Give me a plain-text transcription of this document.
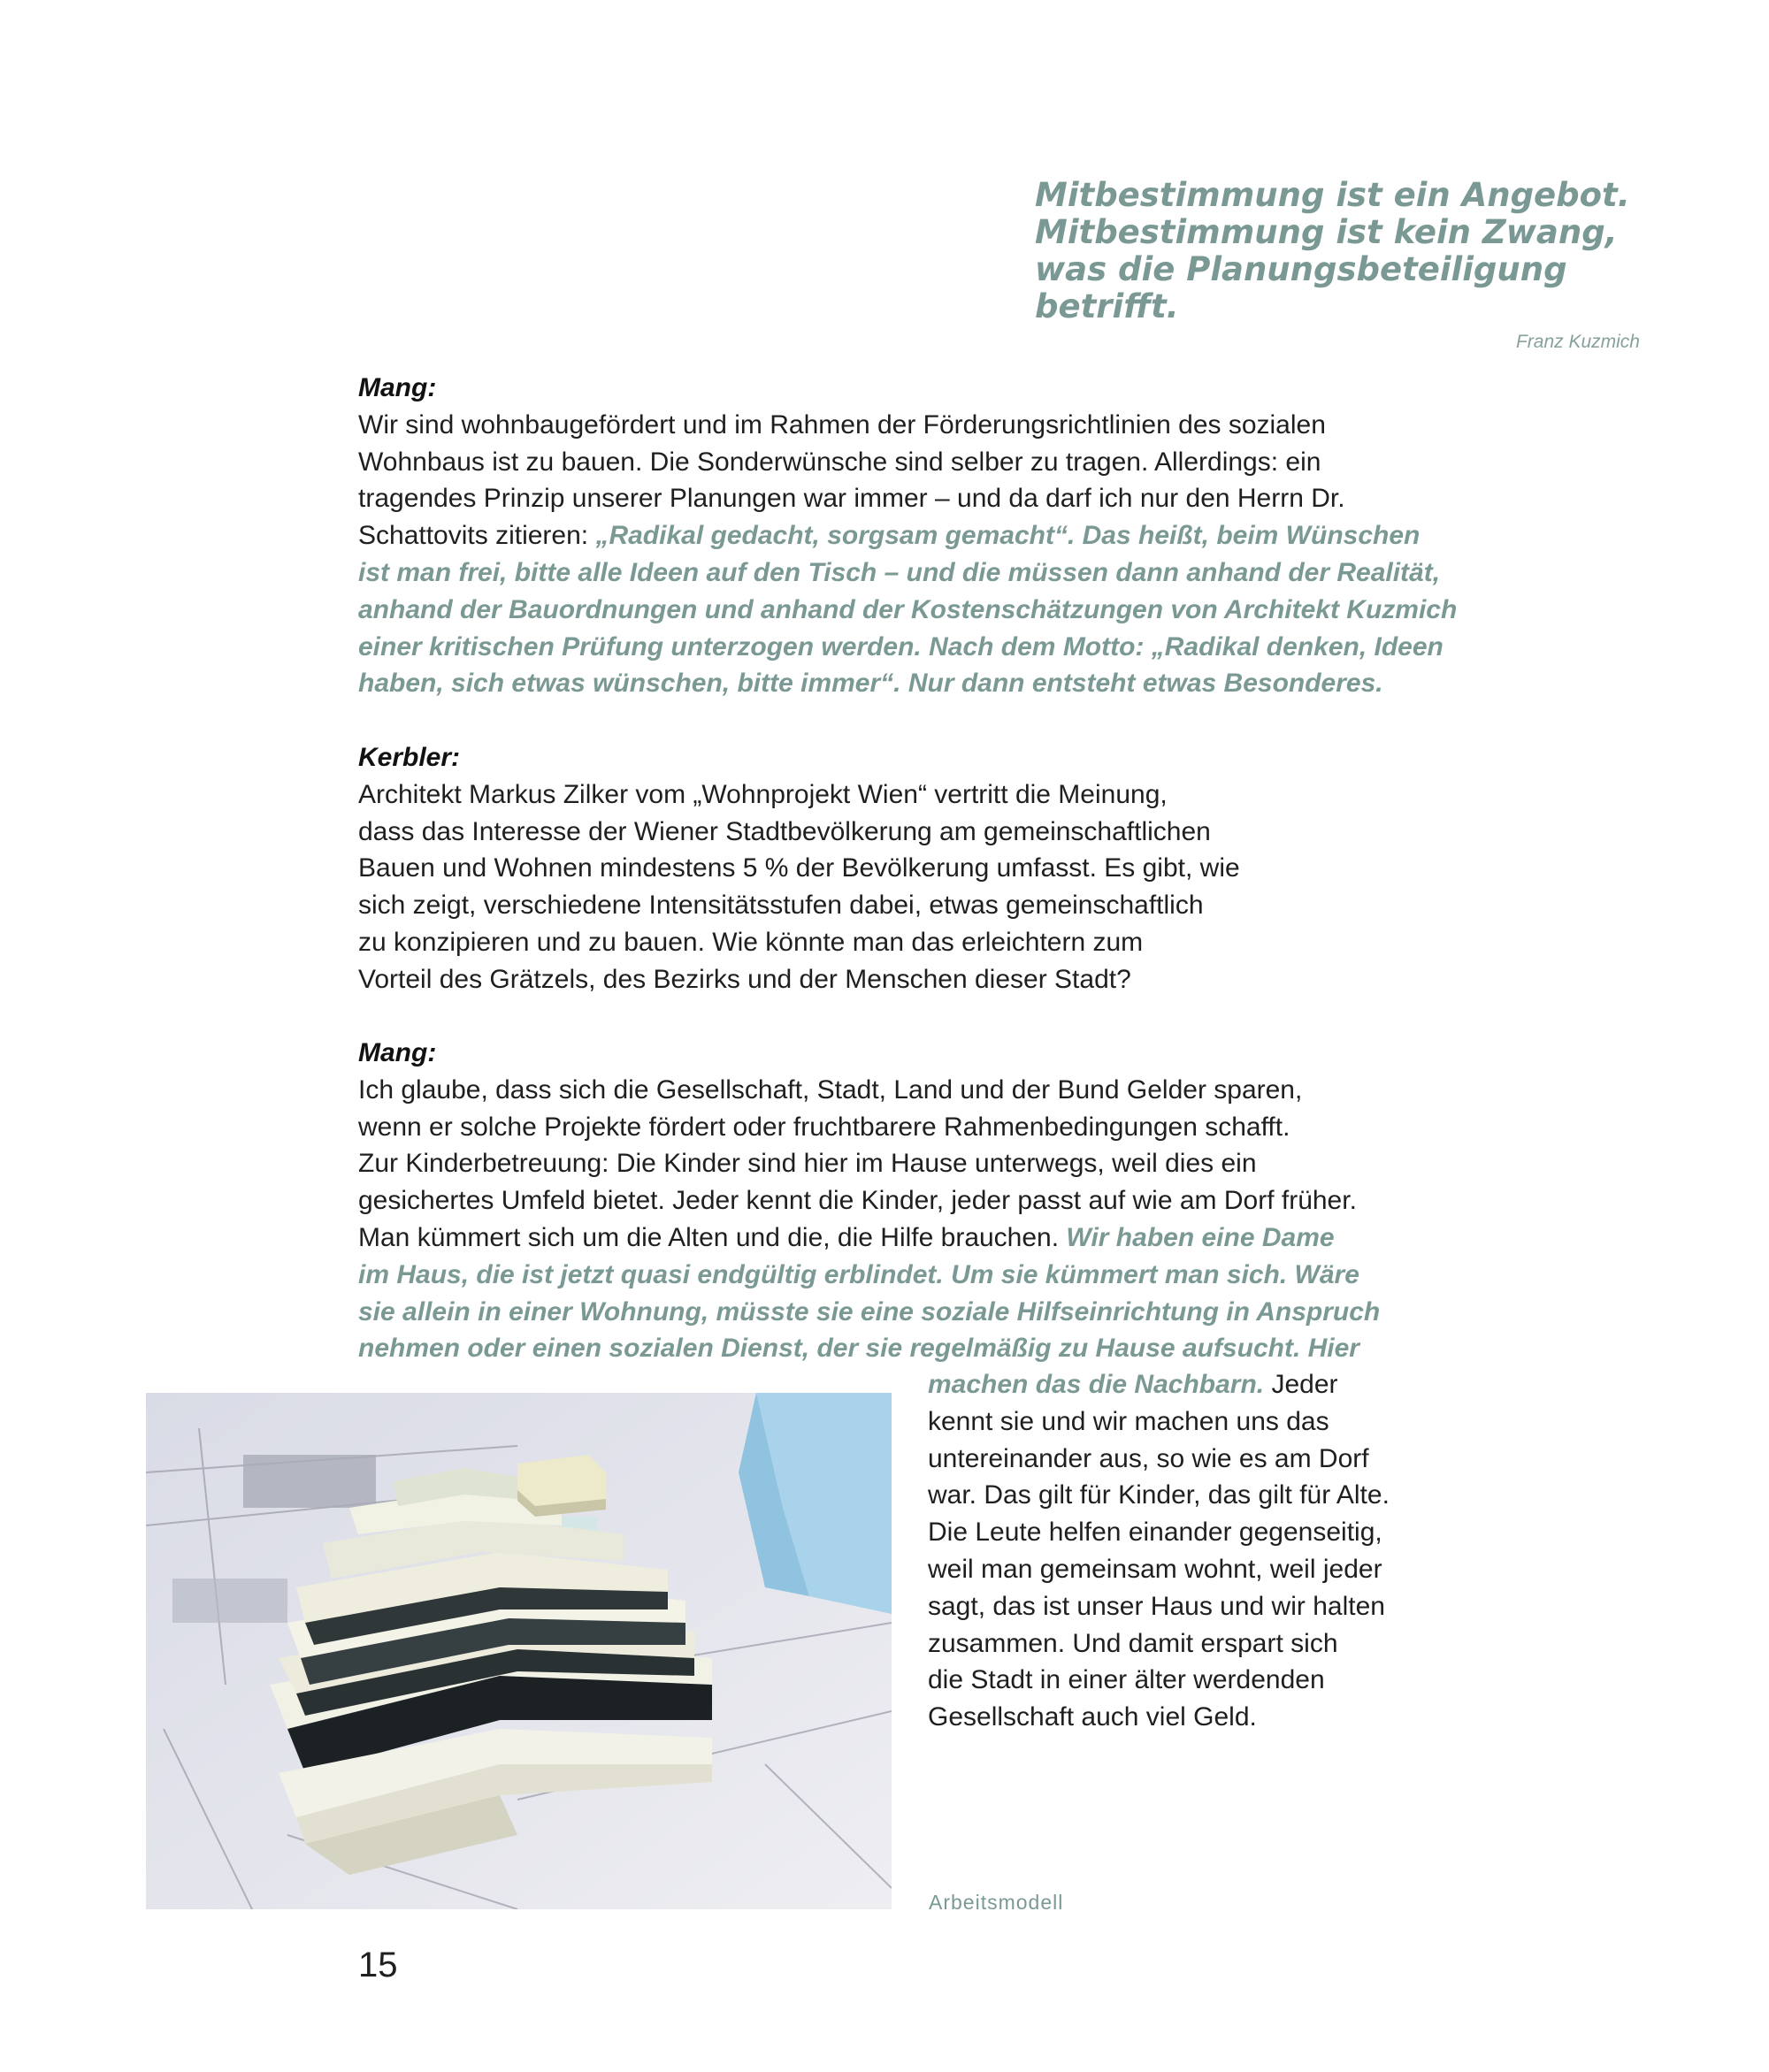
Mitbestimmung ist ein Angebot.
Mitbestimmung ist kein Zwang,
was die Planungsbeteiligung betrifft.
Franz Kuzmich
Mang:
Wir sind wohnbaugefördert und im Rahmen der Förderungsrichtlinien des sozialen
Wohnbaus ist zu bauen. Die Sonderwünsche sind selber zu tragen. Allerdings: ein
tragendes Prinzip unserer Planungen war immer – und da darf ich nur den Herrn Dr.
Schattovits zitieren: „Radikal gedacht, sorgsam gemacht“. Das heißt, beim Wünschen
ist man frei, bitte alle Ideen auf den Tisch – und die müssen dann anhand der Realität,
anhand der Bauordnungen und anhand der Kostenschätzungen von Architekt Kuzmich
einer kritischen Prüfung unterzogen werden. Nach dem Motto: „Radikal denken, Ideen
haben, sich etwas wünschen, bitte immer“. Nur dann entsteht etwas Besonderes.
Kerbler:
Architekt Markus Zilker vom „Wohnprojekt Wien“ vertritt die Meinung,
dass das Interesse der Wiener Stadtbevölkerung am gemeinschaftlichen
Bauen und Wohnen mindestens 5 % der Bevölkerung umfasst. Es gibt, wie
sich zeigt, verschiedene Intensitätsstufen dabei, etwas gemeinschaftlich
zu konzipieren und zu bauen. Wie könnte man das erleichtern zum
Vorteil des Grätzels, des Bezirks und der Menschen dieser Stadt?
Mang:
Ich glaube, dass sich die Gesellschaft, Stadt, Land und der Bund Gelder sparen,
wenn er solche Projekte fördert oder fruchtbarere Rahmenbedingungen schafft.
Zur Kinderbetreuung: Die Kinder sind hier im Hause unterwegs, weil dies ein
gesichertes Umfeld bietet. Jeder kennt die Kinder, jeder passt auf wie am Dorf früher.
Man kümmert sich um die Alten und die, die Hilfe brauchen. Wir haben eine Dame
im Haus, die ist jetzt quasi endgültig erblindet. Um sie kümmert man sich. Wäre
sie allein in einer Wohnung, müsste sie eine soziale Hilfseinrichtung in Anspruch
nehmen oder einen sozialen Dienst, der sie regelmäßig zu Hause aufsucht. Hier
machen das die Nachbarn. Jeder
kennt sie und wir machen uns das
untereinander aus, so wie es am Dorf
war. Das gilt für Kinder, das gilt für Alte.
Die Leute helfen einander gegenseitig,
weil man gemeinsam wohnt, weil jeder
sagt, das ist unser Haus und wir halten
zusammen. Und damit erspart sich
die Stadt in einer älter werdenden
Gesellschaft auch viel Geld.
Arbeitsmodell
15
